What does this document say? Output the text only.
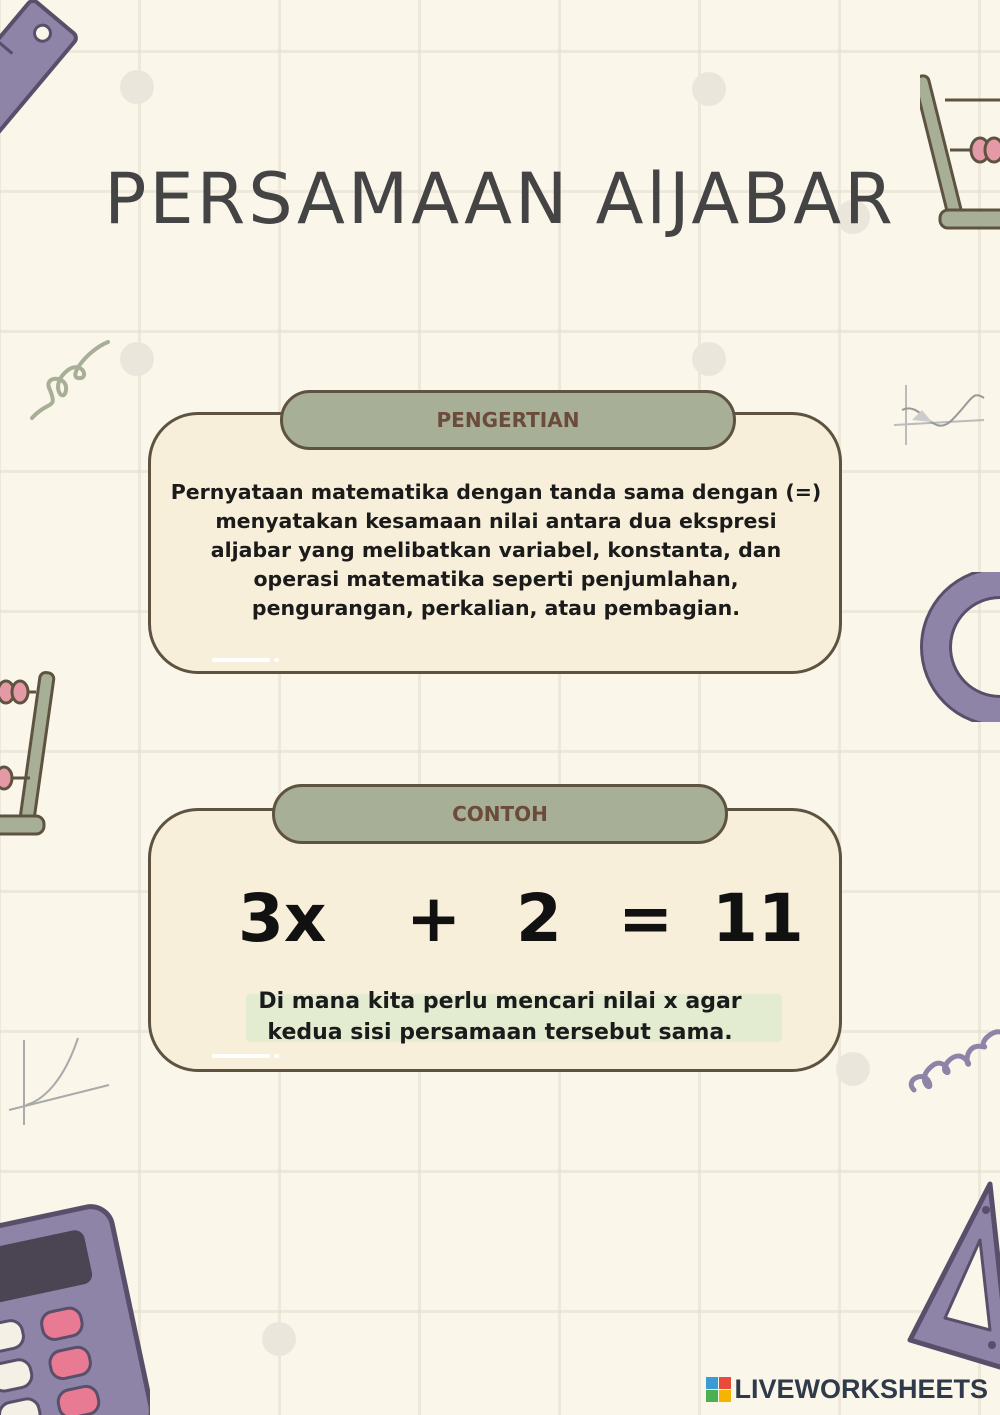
PERSAMAAN AlJABAR
PENGERTIAN
Pernyataan matematika dengan tanda sama dengan (=)
menyatakan kesamaan nilai antara dua ekspresi
aljabar yang melibatkan variabel, konstanta, dan
operasi matematika seperti penjumlahan,
pengurangan, perkalian, atau pembagian.
CONTOH
3x + 2 = 11
Di mana kita perlu mencari nilai x agar
kedua sisi persamaan tersebut sama.
LIVEWORKSHEETS
